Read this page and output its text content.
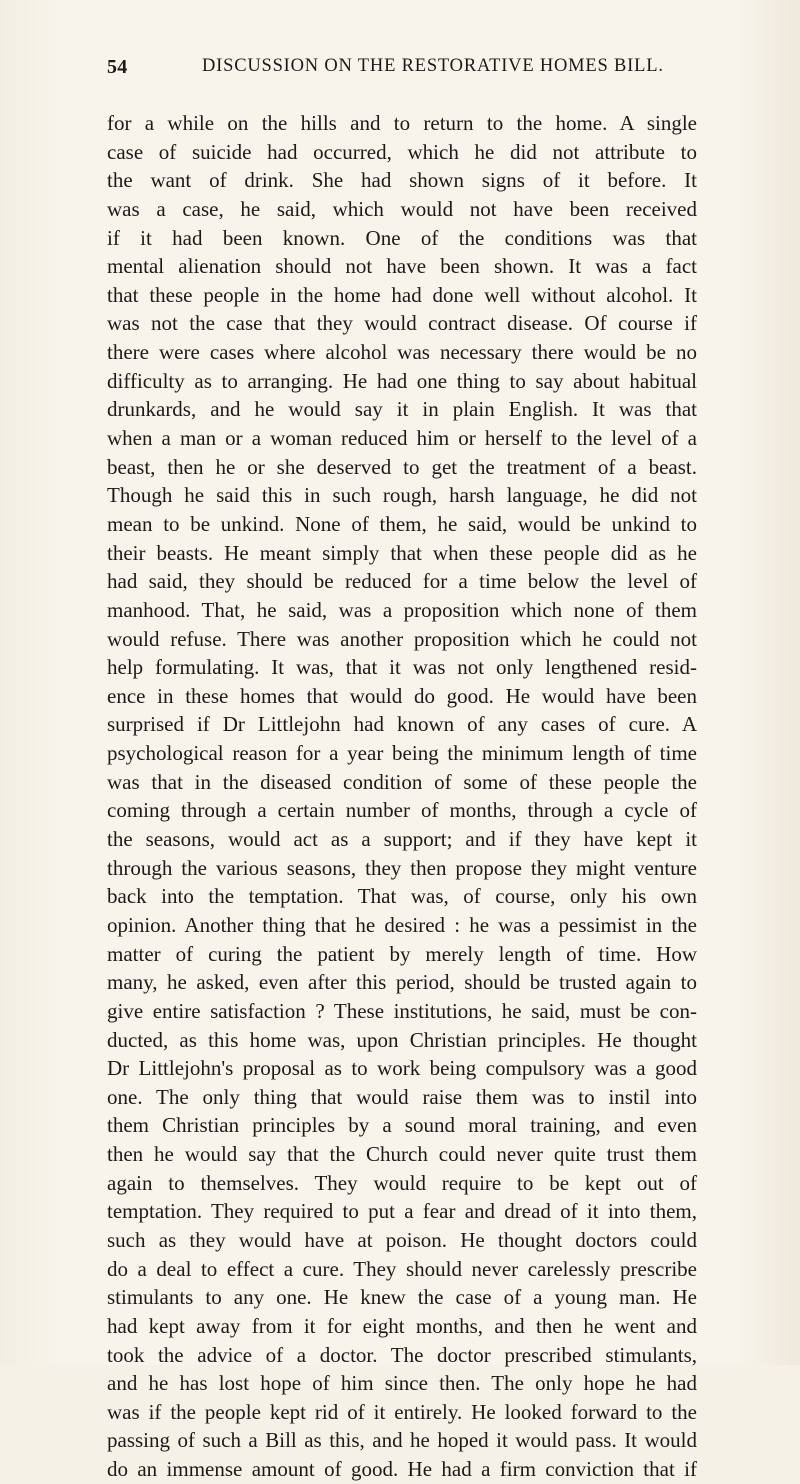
54	DISCUSSION ON THE RESTORATIVE HOMES BILL.
for a while on the hills and to return to the home. A single
case of suicide had occurred, which he did not attribute to
the want of drink. She had shown signs of it before. It
was a case, he said, which would not have been received
if it had been known. One of the conditions was that
mental alienation should not have been shown. It was a fact
that these people in the home had done well without alcohol. It
was not the case that they would contract disease. Of course if
there were cases where alcohol was necessary there would be no
difficulty as to arranging. He had one thing to say about habitual
drunkards, and he would say it in plain English. It was that
when a man or a woman reduced him or herself to the level of a
beast, then he or she deserved to get the treatment of a beast.
Though he said this in such rough, harsh language, he did not
mean to be unkind. None of them, he said, would be unkind to
their beasts. He meant simply that when these people did as he
had said, they should be reduced for a time below the level of
manhood. That, he said, was a proposition which none of them
would refuse. There was another proposition which he could not
help formulating. It was, that it was not only lengthened resid-
ence in these homes that would do good. He would have been
surprised if Dr Littlejohn had known of any cases of cure. A
psychological reason for a year being the minimum length of time
was that in the diseased condition of some of these people the
coming through a certain number of months, through a cycle of
the seasons, would act as a support; and if they have kept it
through the various seasons, they then propose they might venture
back into the temptation. That was, of course, only his own
opinion. Another thing that he desired : he was a pessimist in the
matter of curing the patient by merely length of time. How
many, he asked, even after this period, should be trusted again to
give entire satisfaction ? These institutions, he said, must be con-
ducted, as this home was, upon Christian principles. He thought
Dr Littlejohn's proposal as to work being compulsory was a good
one. The only thing that would raise them was to instil into
them Christian principles by a sound moral training, and even
then he would say that the Church could never quite trust them
again to themselves. They would require to be kept out of
temptation. They required to put a fear and dread of it into them,
such as they would have at poison. He thought doctors could
do a deal to effect a cure. They should never carelessly prescribe
stimulants to any one. He knew the case of a young man. He
had kept away from it for eight months, and then he went and
took the advice of a doctor. The doctor prescribed stimulants,
and he has lost hope of him since then. The only hope he had
was if the people kept rid of it entirely. He looked forward to the
passing of such a Bill as this, and he hoped it would pass. It would
do an immense amount of good. He had a firm conviction that if
